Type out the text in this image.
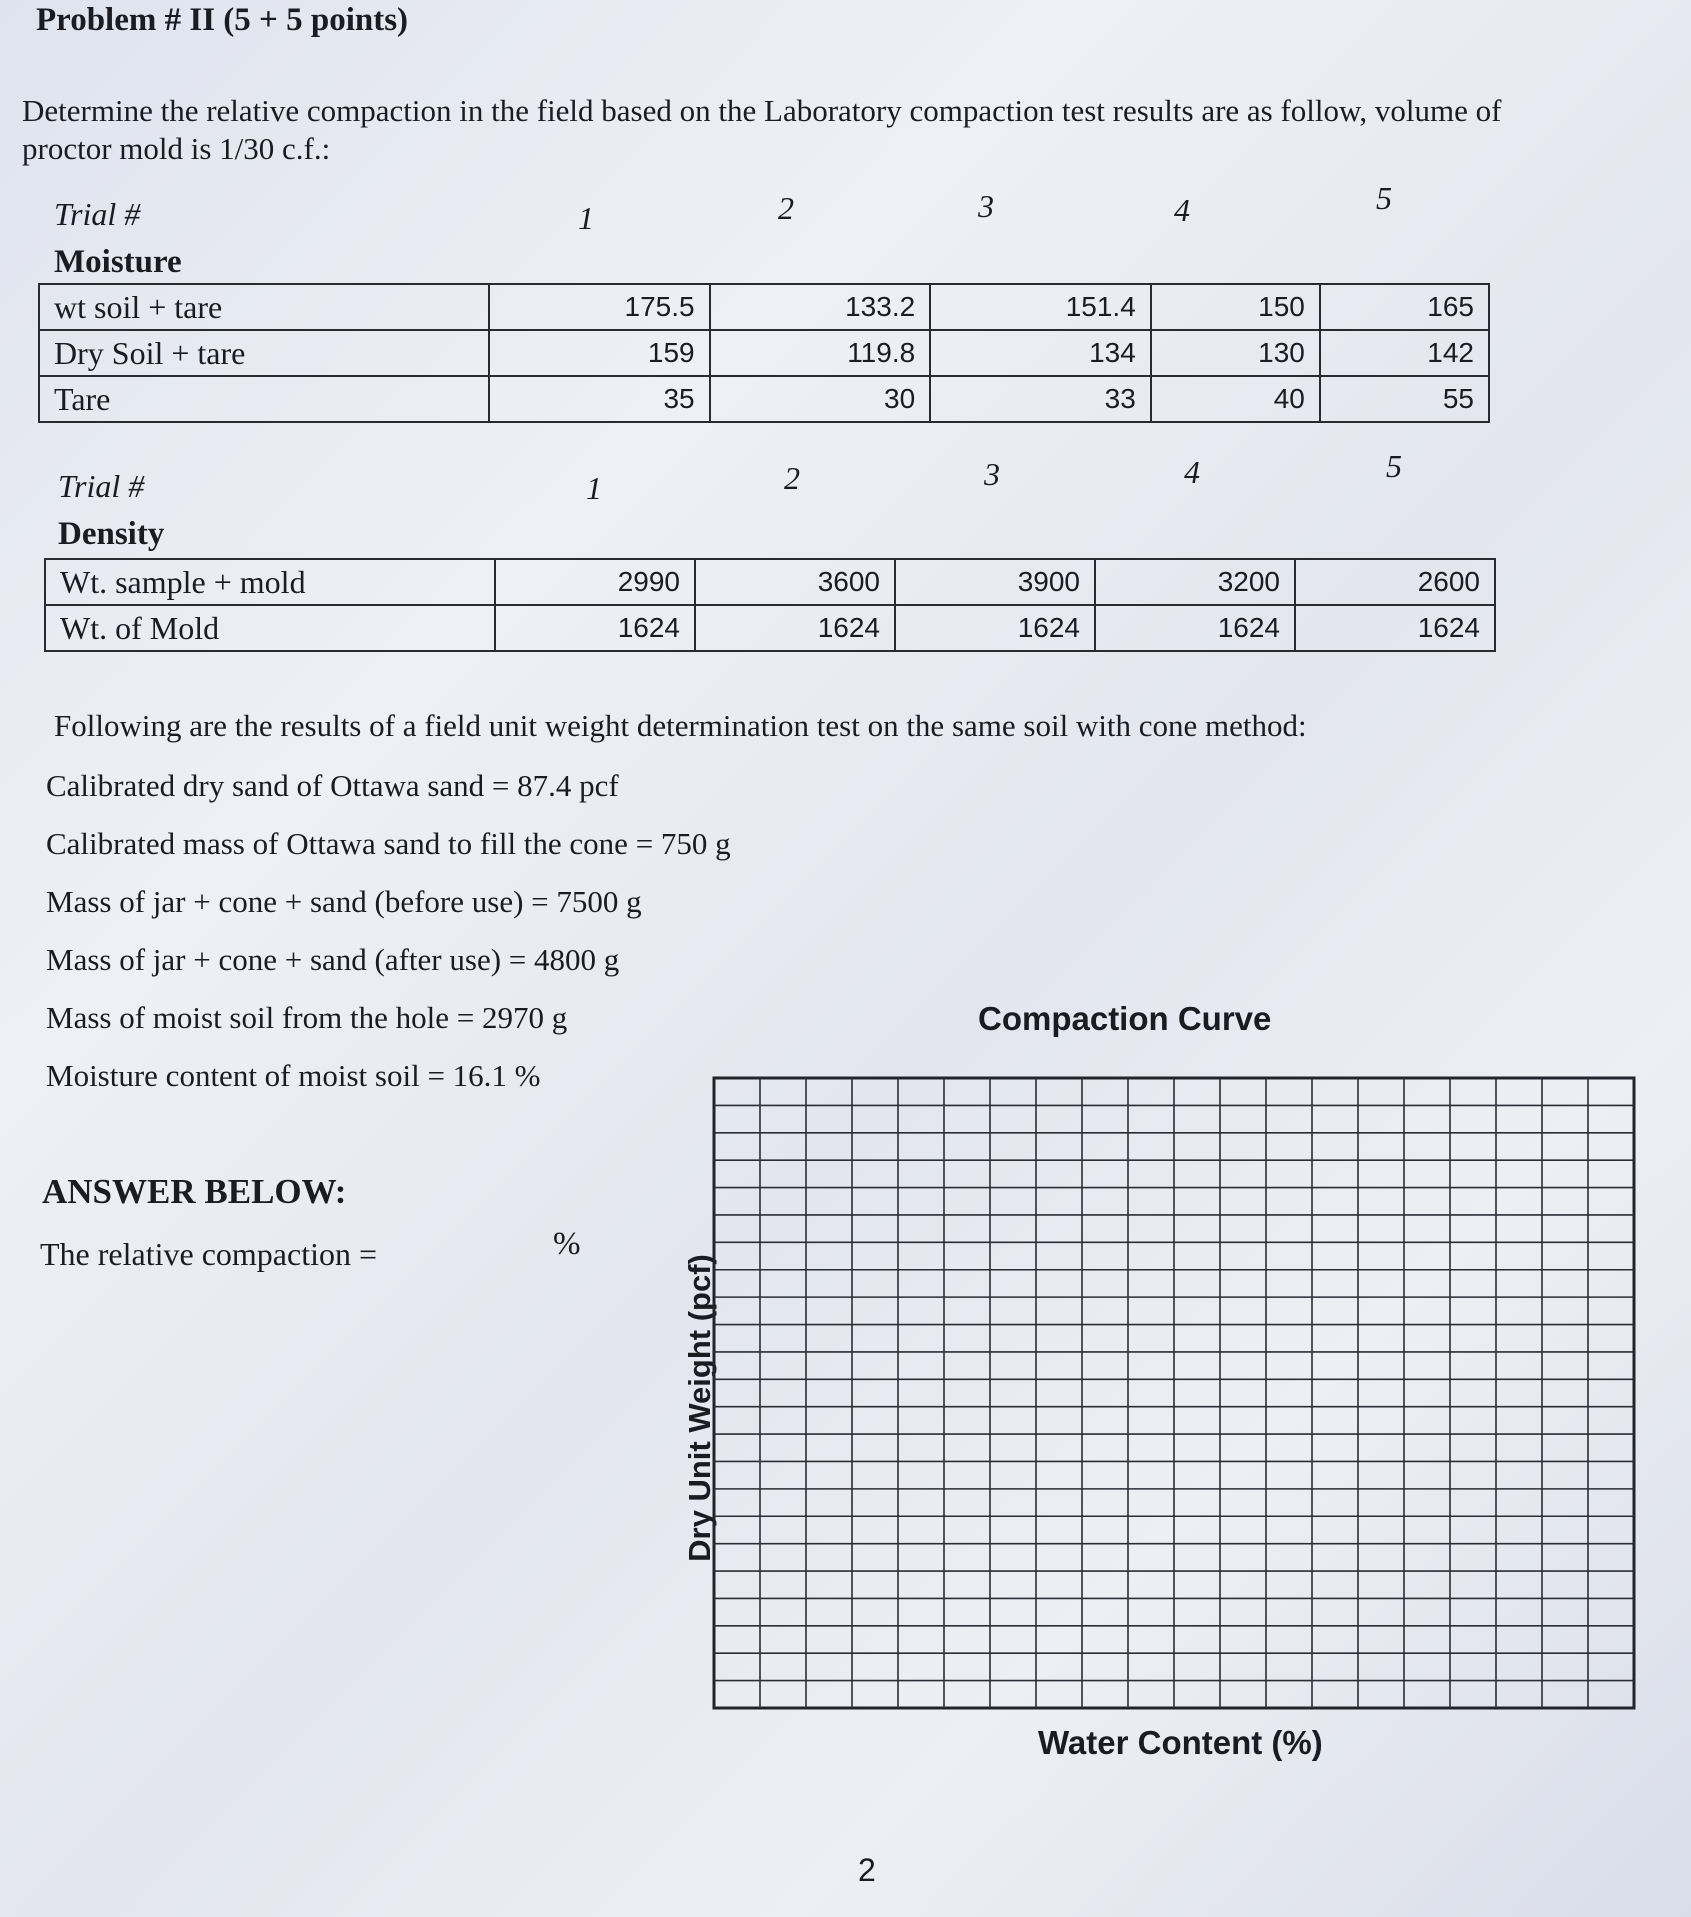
Problem # II (5 + 5 points)
Determine the relative compaction in the field based on the Laboratory compaction test results are as follow, volume of proctor mold is 1/30 c.f.:
Trial #	1	2	3	4	5
Moisture
wt soil + tare	175.5	133.2	151.4	150	165
Dry Soil + tare	159	119.8	134	130	142
Tare	35	30	33	40	55
Trial #	1	2	3	4	5
Density
Wt. sample + mold	2990	3600	3900	3200	2600
Wt. of Mold	1624	1624	1624	1624	1624
Following are the results of a field unit weight determination test on the same soil with cone method:
Calibrated dry sand of Ottawa sand = 87.4 pcf
Calibrated mass of Ottawa sand to fill the cone = 750 g
Mass of jar + cone + sand (before use) = 7500 g
Mass of jar + cone + sand (after use) = 4800 g
Mass of moist soil from the hole = 2970 g
Moisture content of moist soil = 16.1 %
ANSWER BELOW:
The relative compaction =	%
Compaction Curve
Dry Unit Weight (pcf)
Water Content (%)
2
